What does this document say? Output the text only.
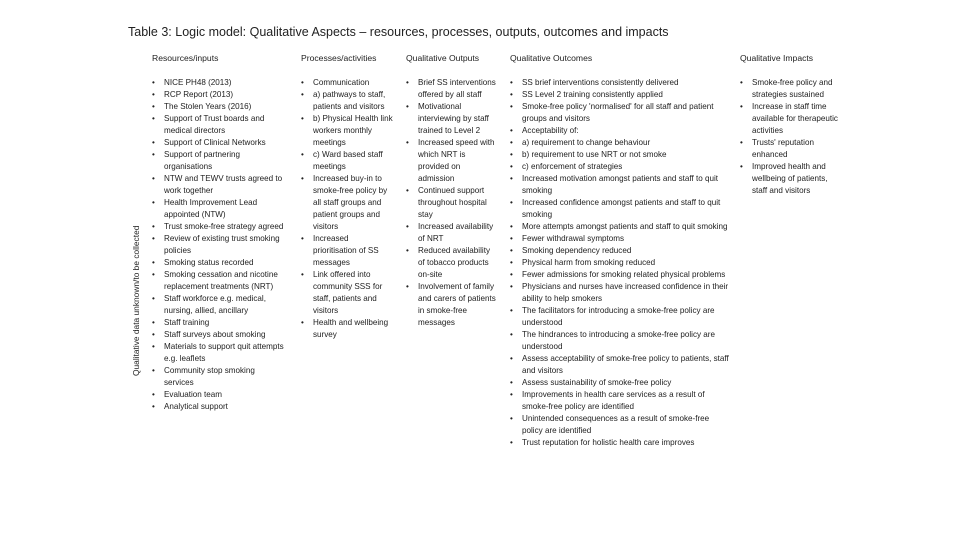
Table 3: Logic model: Qualitative Aspects – resources, processes, outputs, outcomes and impacts
Qualitative data unknown/to be collected
Resources/inputs
• NICE PH48 (2013)
• RCP Report (2013)
• The Stolen Years (2016)
• Support of Trust boards and medical directors
• Support of Clinical Networks
• Support of partnering organisations
• NTW and TEWV trusts agreed to work together
• Health Improvement Lead appointed (NTW)
• Trust smoke-free strategy agreed
• Review of existing trust smoking policies
• Smoking status recorded
• Smoking cessation and nicotine replacement treatments (NRT)
• Staff workforce e.g. medical, nursing, allied, ancillary
• Staff training
• Staff surveys about smoking
• Materials to support quit attempts e.g. leaflets
• Community stop smoking services
• Evaluation team
• Analytical support
Processes/activities
• Communication
• a) pathways to staff, patients and visitors
• b) Physical Health link workers monthly meetings
• c) Ward based staff meetings
• Increased buy-in to smoke-free policy by all staff groups and patient groups and visitors
• Increased prioritisation of SS messages
• Link offered into community SSS for staff, patients and visitors
• Health and wellbeing survey
Qualitative Outputs
• Brief SS interventions offered by all staff
• Motivational interviewing by staff trained to Level 2
• Increased speed with which NRT is provided on admission
• Continued support throughout hospital stay
• Increased availability of NRT
• Reduced availability of tobacco products on-site
• Involvement of family and carers of patients in smoke-free messages
Qualitative Outcomes
• SS brief interventions consistently delivered
• SS Level 2 training consistently applied
• Smoke-free policy 'normalised' for all staff and patient groups and visitors
• Acceptability of:
• a) requirement to change behaviour
• b) requirement to use NRT or not smoke
• c) enforcement of strategies
• Increased motivation amongst patients and staff to quit smoking
• Increased confidence amongst patients and staff to quit smoking
• More attempts amongst patients and staff to quit smoking
• Fewer withdrawal symptoms
• Smoking dependency reduced
• Physical harm from smoking reduced
• Fewer admissions for smoking related physical problems
• Physicians and nurses have increased confidence in their ability to help smokers
• The facilitators for introducing a smoke-free policy are understood
• The hindrances to introducing a smoke-free policy are understood
• Assess acceptability of smoke-free policy to patients, staff and visitors
• Assess sustainability of smoke-free policy
• Improvements in health care services as a result of smoke-free policy are identified
• Unintended consequences as a result of smoke-free policy are identified
• Trust reputation for holistic health care improves
Qualitative Impacts
• Smoke-free policy and strategies sustained
• Increase in staff time available for therapeutic activities
• Trusts' reputation enhanced
• Improved health and wellbeing of patients, staff and visitors
